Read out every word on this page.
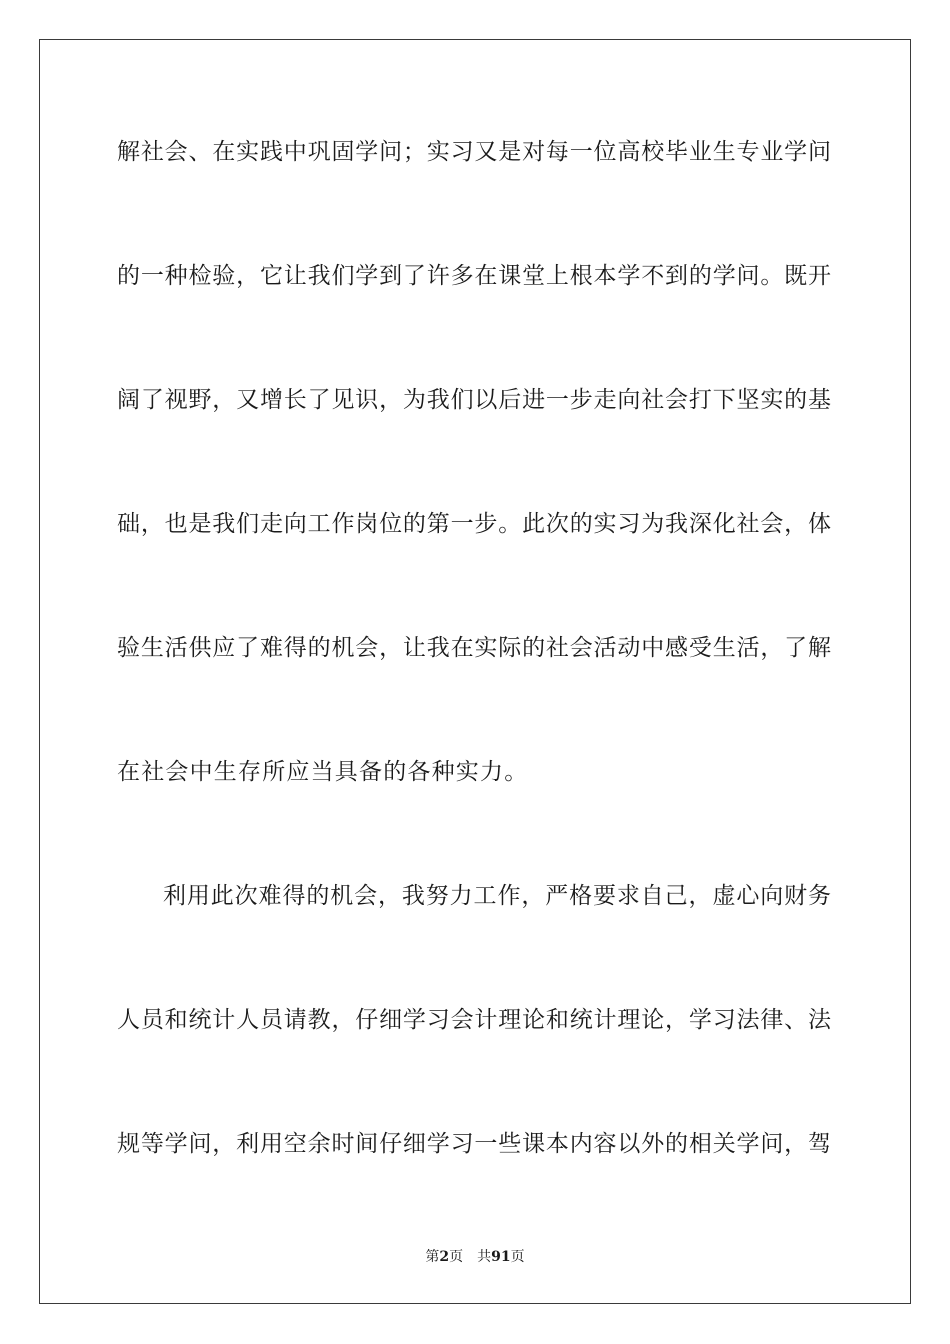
解社会、在实践中巩固学问；实习又是对每一位高校毕业生专业学问
的一种检验，它让我们学到了许多在课堂上根本学不到的学问。既开
阔了视野，又增长了见识，为我们以后进一步走向社会打下坚实的基
础，也是我们走向工作岗位的第一步。此次的实习为我深化社会，体
验生活供应了难得的机会，让我在实际的社会活动中感受生活，了解
在社会中生存所应当具备的各种实力。
利用此次难得的机会，我努力工作，严格要求自己，虚心向财务
人员和统计人员请教，仔细学习会计理论和统计理论，学习法律、法
规等学问，利用空余时间仔细学习一些课本内容以外的相关学问，驾
第2页 共91页
